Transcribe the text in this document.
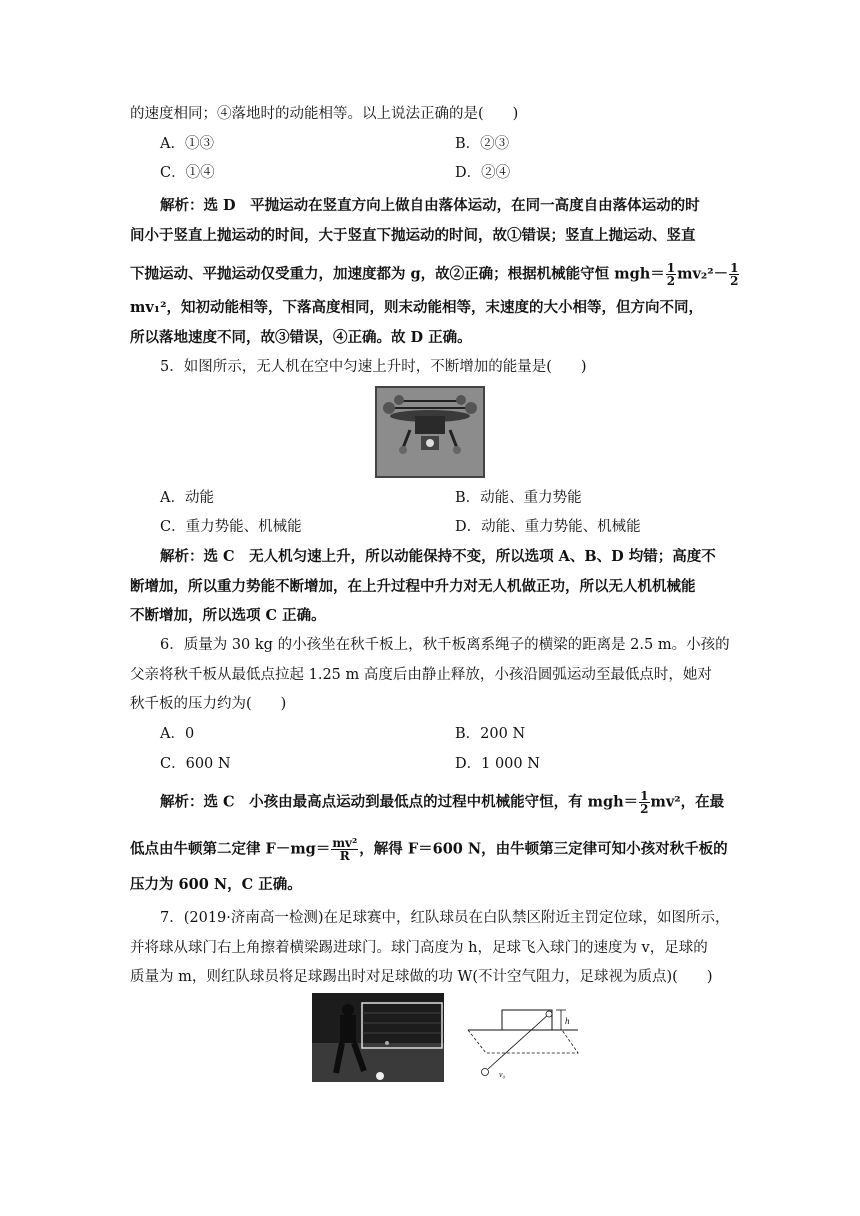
的速度相同；④落地时的动能相等。以上说法正确的是(　　)
A．①③	B．②③
C．①④	D．②④
解析：选 D　平抛运动在竖直方向上做自由落体运动，在同一高度自由落体运动的时
间小于竖直上抛运动的时间，大于竖直下抛运动的时间，故①错误；竖直上抛运动、竖直
下抛运动、平抛运动仅受重力，加速度都为 g，故②正确；根据机械能守恒 $mgh= \frac{1}{2} mv_2^2- \frac{1}{2}$
mv₁²，知初动能相等，下落高度相同，则末动能相等，末速度的大小相等，但方向不同，
所以落地速度不同，故③错误，④正确。故 D 正确。
5．如图所示，无人机在空中匀速上升时，不断增加的能量是(　　)
A．动能	B．动能、重力势能
C．重力势能、机械能	D．动能、重力势能、机械能
解析：选 C　无人机匀速上升，所以动能保持不变，所以选项 A、B、D 均错；高度不
断增加，所以重力势能不断增加，在上升过程中升力对无人机做正功，所以无人机机械能
不断增加，所以选项 C 正确。
6．质量为 30 kg 的小孩坐在秋千板上，秋千板离系绳子的横梁的距离是 2.5 m。小孩的
父亲将秋千板从最低点拉起 1.25 m 高度后由静止释放，小孩沿圆弧运动至最低点时，她对
秋千板的压力约为(　　)
A．0	B．200 N
C．600 N	D．1 000 N
解析：选 C　小孩由最高点运动到最低点的过程中机械能守恒，有 $mgh= \frac{1}{2} mv^2$，在最
低点由牛顿第二定律 $F-mg= \frac{\text{mv²}}{R}$ ，解得 F＝600 N，由牛顿第三定律可知小孩对秋千板的
压力为 600 N，C 正确。
7．(2019·济南高一检测)在足球赛中，红队球员在白队禁区附近主罚定位球，如图所示，
并将球从球门右上角擦着横梁踢进球门。球门高度为 h，足球飞入球门的速度为 v，足球的
质量为 m，则红队球员将足球踢出时对足球做的功 W(不计空气阻力，足球视为质点)(　　)
h
v₀
